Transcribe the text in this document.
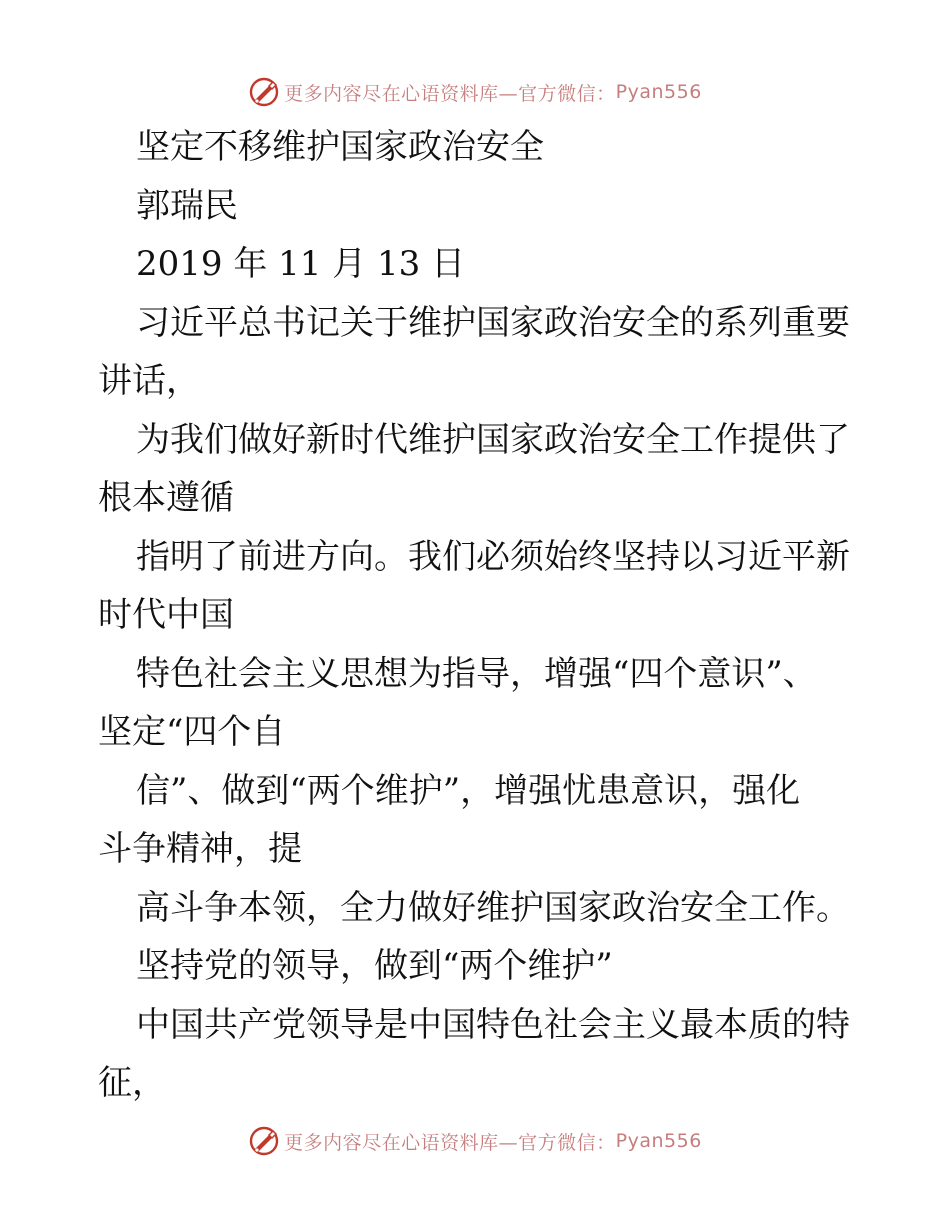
更多内容尽在心语资料库—官方微信： Pyan556
坚定不移维护国家政治安全
郭瑞民
2019 年 11 月 13 日
习近平总书记关于维护国家政治安全的系列重要
讲话，
为我们做好新时代维护国家政治安全工作提供了
根本遵循
指明了前进方向。我们必须始终坚持以习近平新
时代中国
特色社会主义思想为指导，增强“四个意识”、
坚定“四个自
信”、做到“两个维护”，增强忧患意识，强化
斗争精神，提
高斗争本领，全力做好维护国家政治安全工作。
坚持党的领导，做到“两个维护”
中国共产党领导是中国特色社会主义最本质的特
征，
更多内容尽在心语资料库—官方微信： Pyan556
